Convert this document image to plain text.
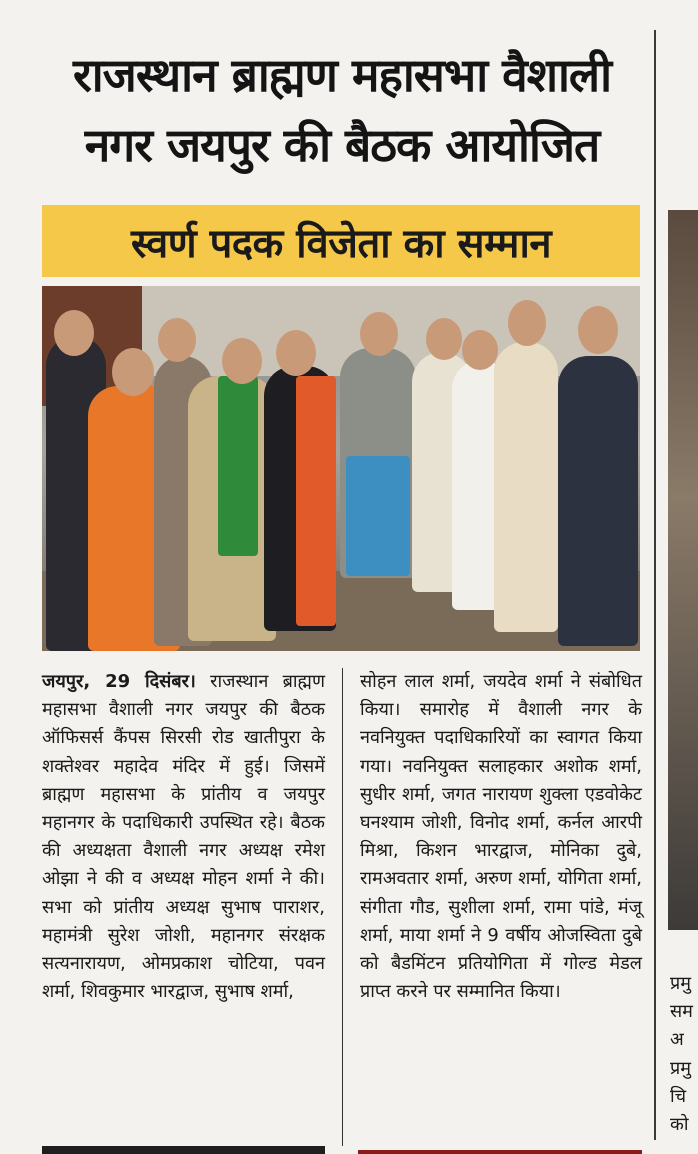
राजस्थान ब्राह्मण महासभा वैशाली
नगर जयपुर की बैठक आयोजित
स्वर्ण पदक विजेता का सम्मान
जयपुर, 29 दिसंबर। राजस्थान ब्राह्मण महासभा वैशाली नगर जयपुर की बैठक ऑफिसर्स कैंपस सिरसी रोड खातीपुरा के शक्तेश्वर महादेव मंदिर में हुई। जिसमें ब्राह्मण महासभा के प्रांतीय व जयपुर महानगर के पदाधिकारी उपस्थित रहे। बैठक की अध्यक्षता वैशाली नगर अध्यक्ष रमेश ओझा ने की व अध्यक्ष मोहन शर्मा ने की। सभा को प्रांतीय अध्यक्ष सुभाष पाराशर, महामंत्री सुरेश जोशी, महानगर संरक्षक सत्यनारायण, ओमप्रकाश चोटिया, पवन शर्मा, शिवकुमार भारद्वाज, सुभाष शर्मा,
सोहन लाल शर्मा, जयदेव शर्मा ने संबोधित किया। समारोह में वैशाली नगर के नवनियुक्त पदाधिकारियों का स्वागत किया गया। नवनियुक्त सलाहकार अशोक शर्मा, सुधीर शर्मा, जगत नारायण शुक्ला एडवोकेट घनश्याम जोशी, विनोद शर्मा, कर्नल आरपी मिश्रा, किशन भारद्वाज, मोनिका दुबे, रामअवतार शर्मा, अरुण शर्मा, योगिता शर्मा, संगीता गौड, सुशीला शर्मा, रामा पांडे, मंजू शर्मा, माया शर्मा ने 9 वर्षीय ओजस्विता दुबे को बैडमिंटन प्रतियोगिता में गोल्ड मेडल प्राप्त करने पर सम्मानित किया।	प्रमु
सम
अ
प्रमु
चि
को
